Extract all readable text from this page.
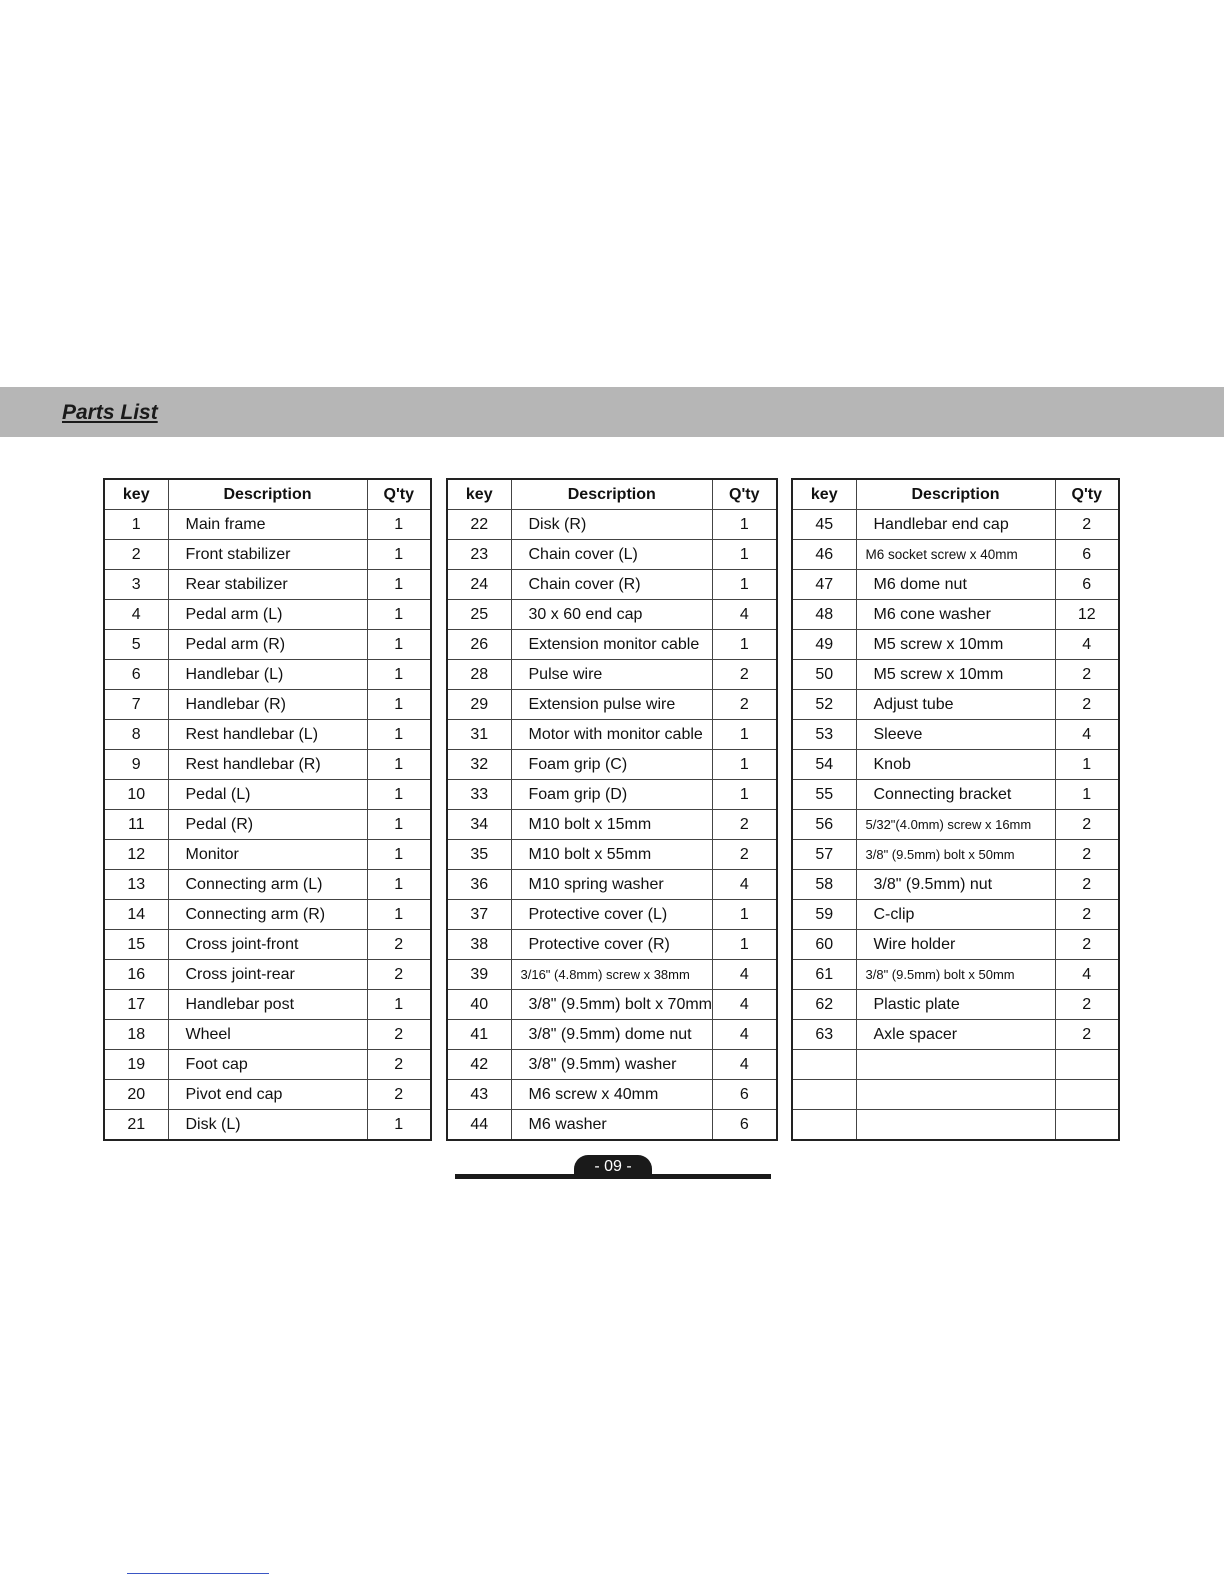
Parts List
key	Description	Q'ty
1	Main frame	1
2	Front stabilizer	1
3	Rear stabilizer	1
4	Pedal arm (L)	1
5	Pedal arm (R)	1
6	Handlebar (L)	1
7	Handlebar (R)	1
8	Rest handlebar (L)	1
9	Rest handlebar (R)	1
10	Pedal (L)	1
11	Pedal (R)	1
12	Monitor	1
13	Connecting arm (L)	1
14	Connecting arm (R)	1
15	Cross joint-front	2
16	Cross joint-rear	2
17	Handlebar post	1
18	Wheel	2
19	Foot cap	2
20	Pivot end cap	2
21	Disk (L)	1
key	Description	Q'ty
22	Disk (R)	1
23	Chain cover (L)	1
24	Chain cover (R)	1
25	30 x 60 end cap	4
26	Extension monitor cable	1
28	Pulse wire	2
29	Extension pulse wire	2
31	Motor with monitor cable	1
32	Foam grip (C)	1
33	Foam grip (D)	1
34	M10 bolt x 15mm	2
35	M10 bolt x 55mm	2
36	M10 spring washer	4
37	Protective cover (L)	1
38	Protective cover (R)	1
39	3/16" (4.8mm) screw x 38mm	4
40	3/8" (9.5mm) bolt x 70mm	4
41	3/8" (9.5mm) dome nut	4
42	3/8" (9.5mm) washer	4
43	M6 screw x 40mm	6
44	M6 washer	6
key	Description	Q'ty
45	Handlebar end cap	2
46	M6 socket screw x 40mm	6
47	M6 dome nut	6
48	M6 cone washer	12
49	M5 screw x 10mm	4
50	M5 screw x 10mm	2
52	Adjust tube	2
53	Sleeve	4
54	Knob	1
55	Connecting bracket	1
56	5/32"(4.0mm) screw x 16mm	2
57	3/8" (9.5mm) bolt x 50mm	2
58	3/8" (9.5mm) nut	2
59	C-clip	2
60	Wire holder	2
61	3/8" (9.5mm) bolt x 50mm	4
62	Plastic plate	2
63	Axle spacer	2

- 09 -
